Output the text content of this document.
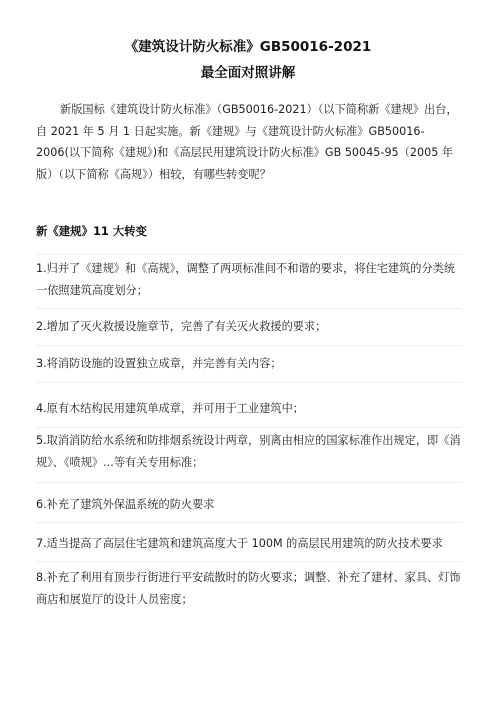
《建筑设计防火标准》GB50016-2021
最全面对照讲解

新版国标《建筑设计防火标准》（GB50016-2021）（以下简称新《建规》出台，自 2021 年 5 月 1 日起实施。新《建规》与《建筑设计防火标准》GB50016-2006(以下简称《建规》)和《高层民用建筑设计防火标准》GB 50045-95（2005 年版）（以下简称《高规》）相较，有哪些转变呢？

新《建规》11 大转变

1.归并了《建规》和《高规》，调整了两项标准间不和谐的要求，将住宅建筑的分类统一依照建筑高度划分；

2.增加了灭火救援设施章节，完善了有关灭火救援的要求；

3.将消防设施的设置独立成章，并完善有关内容；

4.原有木结构民用建筑单成章，并可用于工业建筑中；

5.取消消防给水系统和防排烟系统设计两章，别离由相应的国家标准作出规定，即《消规》、《喷规》...等有关专用标准；

6.补充了建筑外保温系统的防火要求

7.适当提高了高层住宅建筑和建筑高度大于 100M 的高层民用建筑的防火技术要求

8.补充了利用有顶步行街进行平安疏散时的防火要求；调整、补充了建材、家具、灯饰商店和展览厅的设计人员密度；
